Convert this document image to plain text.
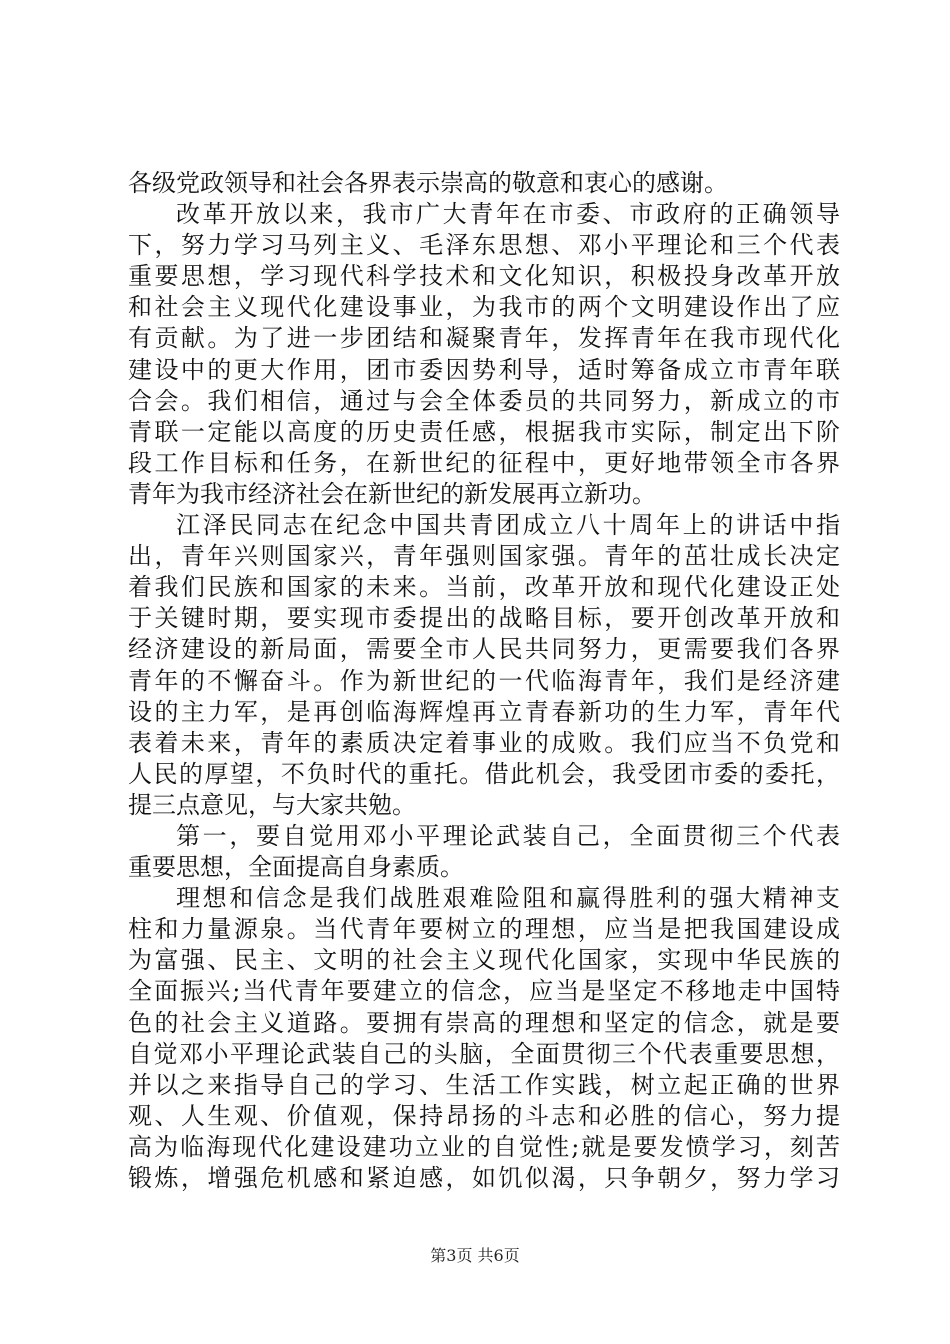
各级党政领导和社会各界表示崇高的敬意和衷心的感谢。
改革开放以来，我市广大青年在市委、市政府的正确领导
下，努力学习马列主义、毛泽东思想、邓小平理论和三个代表
重要思想，学习现代科学技术和文化知识，积极投身改革开放
和社会主义现代化建设事业，为我市的两个文明建设作出了应
有贡献。为了进一步团结和凝聚青年，发挥青年在我市现代化
建设中的更大作用，团市委因势利导，适时筹备成立市青年联
合会。我们相信，通过与会全体委员的共同努力，新成立的市
青联一定能以高度的历史责任感，根据我市实际，制定出下阶
段工作目标和任务，在新世纪的征程中，更好地带领全市各界
青年为我市经济社会在新世纪的新发展再立新功。
江泽民同志在纪念中国共青团成立八十周年上的讲话中指
出，青年兴则国家兴，青年强则国家强。青年的茁壮成长决定
着我们民族和国家的未来。当前，改革开放和现代化建设正处
于关键时期，要实现市委提出的战略目标，要开创改革开放和
经济建设的新局面，需要全市人民共同努力，更需要我们各界
青年的不懈奋斗。作为新世纪的一代临海青年，我们是经济建
设的主力军，是再创临海辉煌再立青春新功的生力军，青年代
表着未来，青年的素质决定着事业的成败。我们应当不负党和
人民的厚望，不负时代的重托。借此机会，我受团市委的委托，
提三点意见，与大家共勉。
第一，要自觉用邓小平理论武装自己，全面贯彻三个代表
重要思想，全面提高自身素质。
理想和信念是我们战胜艰难险阻和赢得胜利的强大精神支
柱和力量源泉。当代青年要树立的理想，应当是把我国建设成
为富强、民主、文明的社会主义现代化国家，实现中华民族的
全面振兴;当代青年要建立的信念，应当是坚定不移地走中国特
色的社会主义道路。要拥有崇高的理想和坚定的信念，就是要
自觉邓小平理论武装自己的头脑，全面贯彻三个代表重要思想，
并以之来指导自己的学习、生活工作实践，树立起正确的世界
观、人生观、价值观，保持昂扬的斗志和必胜的信心，努力提
高为临海现代化建设建功立业的自觉性;就是要发愤学习，刻苦
锻炼，增强危机感和紧迫感，如饥似渴，只争朝夕，努力学习
第3页 共6页
